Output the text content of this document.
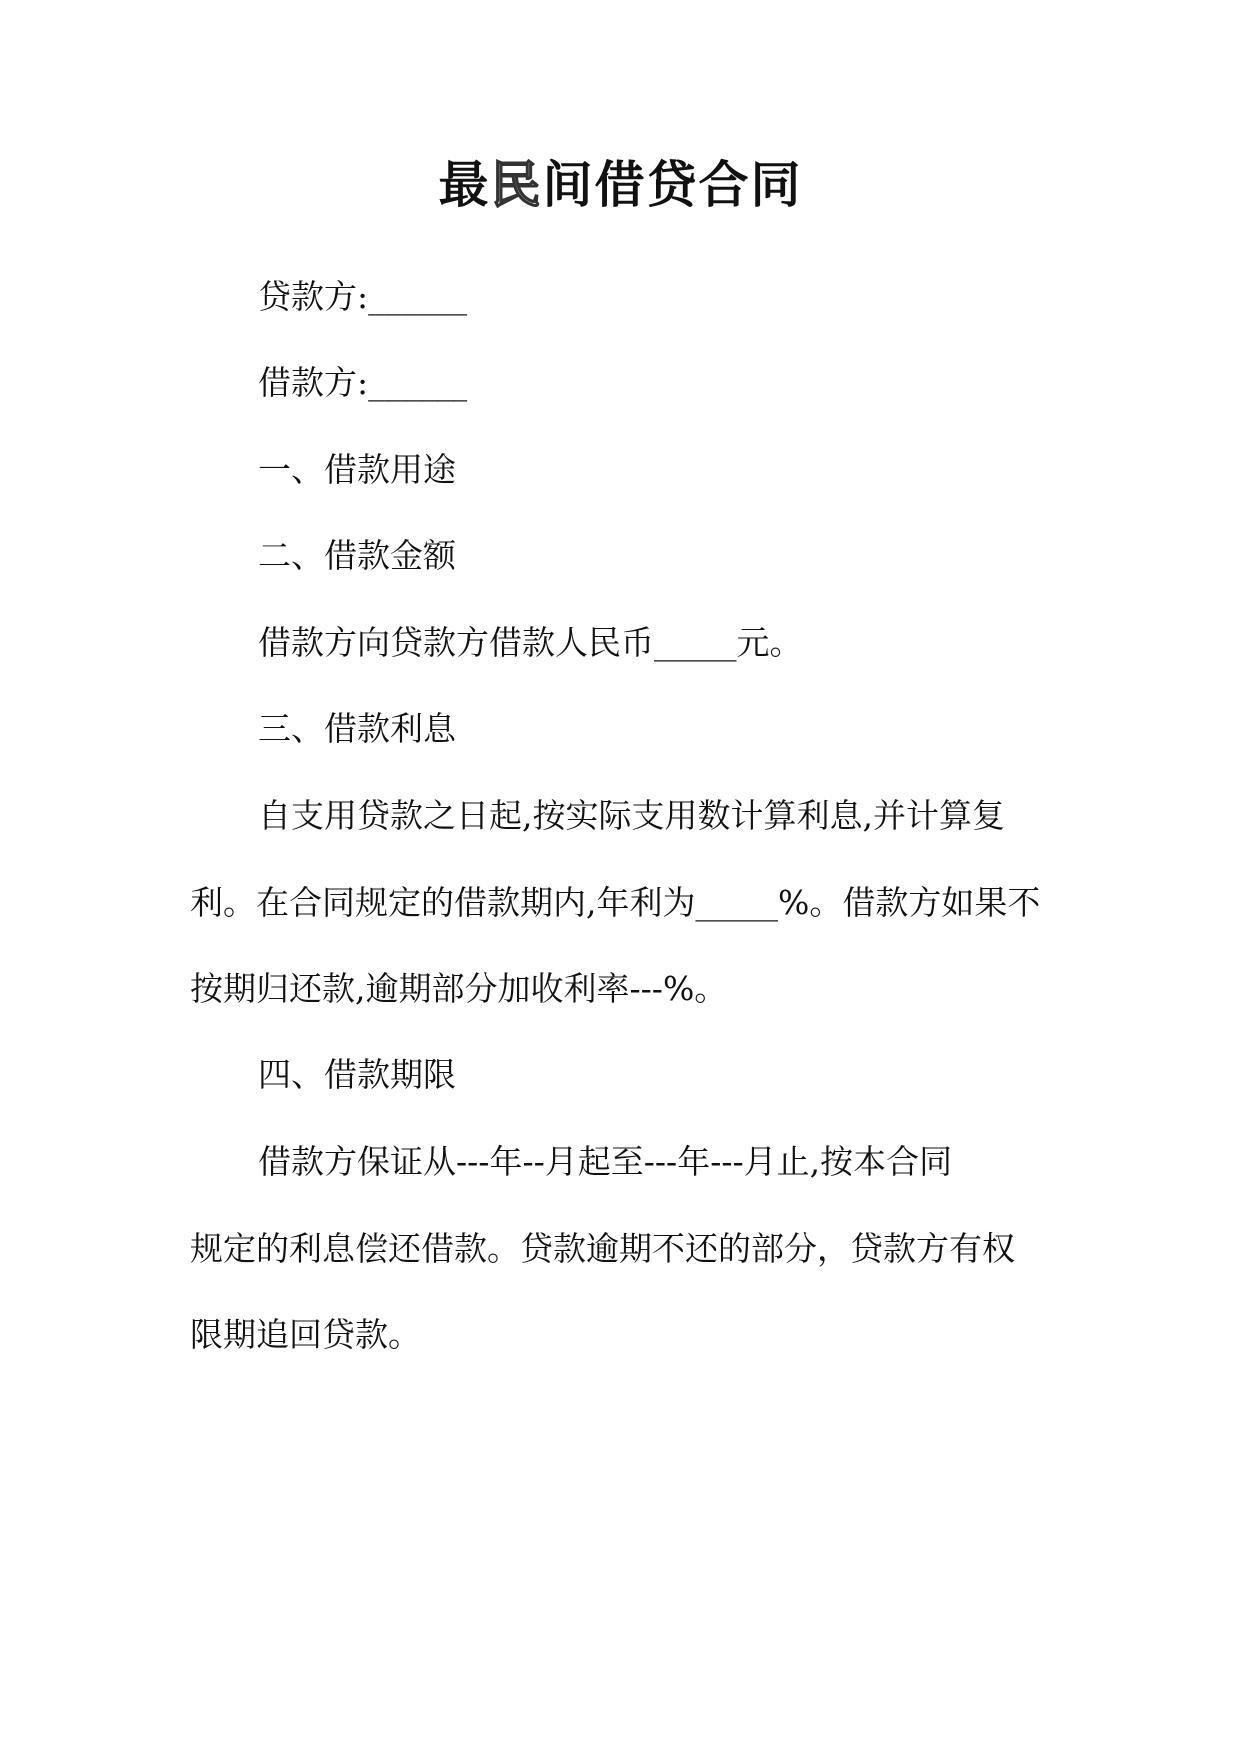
最民间借贷合同

贷款方:______

借款方:______

一、借款用途

二、借款金额

借款方向贷款方借款人民币_____元。

三、借款利息

自支用贷款之日起,按实际支用数计算利息,并计算复

利。在合同规定的借款期内,年利为_____%。借款方如果不

按期归还款,逾期部分加收利率---%。

四、借款期限

借款方保证从---年--月起至---年---月止,按本合同

规定的利息偿还借款。贷款逾期不还的部分，贷款方有权

限期追回贷款。
